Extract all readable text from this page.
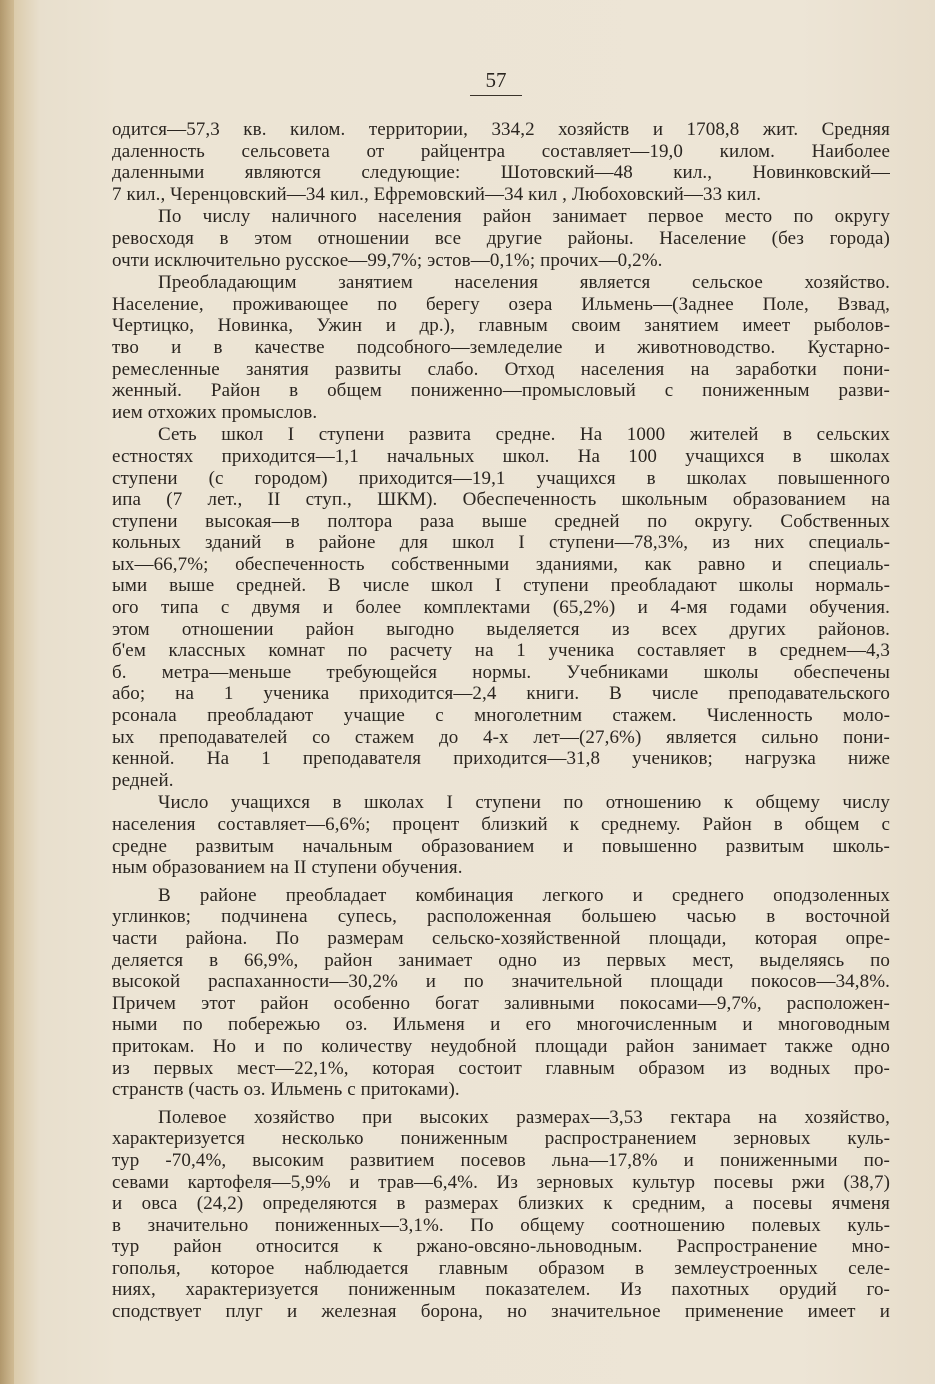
57
одится—57,3 кв. килом. территории, 334,2 хозяйств и 1708,8 жит. Средняя
даленность сельсовета от райцентра составляет—19,0 килом. Наиболее
даленными являются следующие: Шотовский—48 кил., Новинковский—
7 кил., Черенцовский—34 кил., Ефремовский—34 кил , Любоховский—33 кил.
По числу наличного населения район занимает первое место по округу
ревосходя в этом отношении все другие районы. Население (без города)
очти исключительно русское—99,7%; эстов—0,1%; прочих—0,2%.
Преобладающим занятием населения является сельское хозяйство.
Население, проживающее по берегу озера Ильмень—(Заднее Поле, Взвад,
Чертицко, Новинка, Ужин и др.), главным своим занятием имеет рыболов-
тво и в качестве подсобного—земледелие и животноводство. Кустарно-
ремесленные занятия развиты слабо. Отход населения на заработки пони-
женный. Район в общем пониженно—промысловый с пониженным разви-
ием отхожих промыслов.
Сеть школ I ступени развита средне. На 1000 жителей в сельских
естностях приходится—1,1 начальных школ. На 100 учащихся в школах
ступени (с городом) приходится—19,1 учащихся в школах повышенного
ипа (7 лет., II ступ., ШКМ). Обеспеченность школьным образованием на
ступени высокая—в полтора раза выше средней по округу. Собственных
кольных зданий в районе для школ I ступени—78,3%, из них специаль-
ых—66,7%; обеспеченность собственными зданиями, как равно и специаль-
ыми выше средней. В числе школ I ступени преобладают школы нормаль-
ого типа с двумя и более комплектами (65,2%) и 4-мя годами обучения.
этом отношении район выгодно выделяется из всех других районов.
б'ем классных комнат по расчету на 1 ученика составляет в среднем—4,3
б. метра—меньше требующейся нормы. Учебниками школы обеспечены
або; на 1 ученика приходится—2,4 книги. В числе преподавательского
рсонала преобладают учащие с многолетним стажем. Численность моло-
ых преподавателей со стажем до 4-х лет—(27,6%) является сильно пони-
кенной. На 1 преподавателя приходится—31,8 учеников; нагрузка ниже
редней.
Число учащихся в школах I ступени по отношению к общему числу
населения составляет—6,6%; процент близкий к среднему. Район в общем с
средне развитым начальным образованием и повышенно развитым школь-
ным образованием на II ступени обучения.
В районе преобладает комбинация легкого и среднего оподзоленных
углинков; подчинена супесь, расположенная большею часью в восточной
части района. По размерам сельско-хозяйственной площади, которая опре-
деляется в 66,9%, район занимает одно из первых мест, выделяясь по
высокой распаханности—30,2% и по значительной площади покосов—34,8%.
Причем этот район особенно богат заливными покосами—9,7%, расположен-
ными по побережью оз. Ильменя и его многочисленным и многоводным
притокам. Но и по количеству неудобной площади район занимает также одно
из первых мест—22,1%, которая состоит главным образом из водных про-
странств (часть оз. Ильмень с притоками).
Полевое хозяйство при высоких размерах—3,53 гектара на хозяйство,
характеризуется несколько пониженным распространением зерновых куль-
тур -70,4%, высоким развитием посевов льна—17,8% и пониженными по-
севами картофеля—5,9% и трав—6,4%. Из зерновых культур посевы ржи (38,7)
и овса (24,2) определяются в размерах близких к средним, а посевы ячменя
в значительно пониженных—3,1%. По общему соотношению полевых куль-
тур район относится к ржано-овсяно-льноводным. Распространение мно-
гополья, которое наблюдается главным образом в землеустроенных селе-
ниях, характеризуется пониженным показателем. Из пахотных орудий го-
сподствует плуг и железная борона, но значительное применение имеет и
